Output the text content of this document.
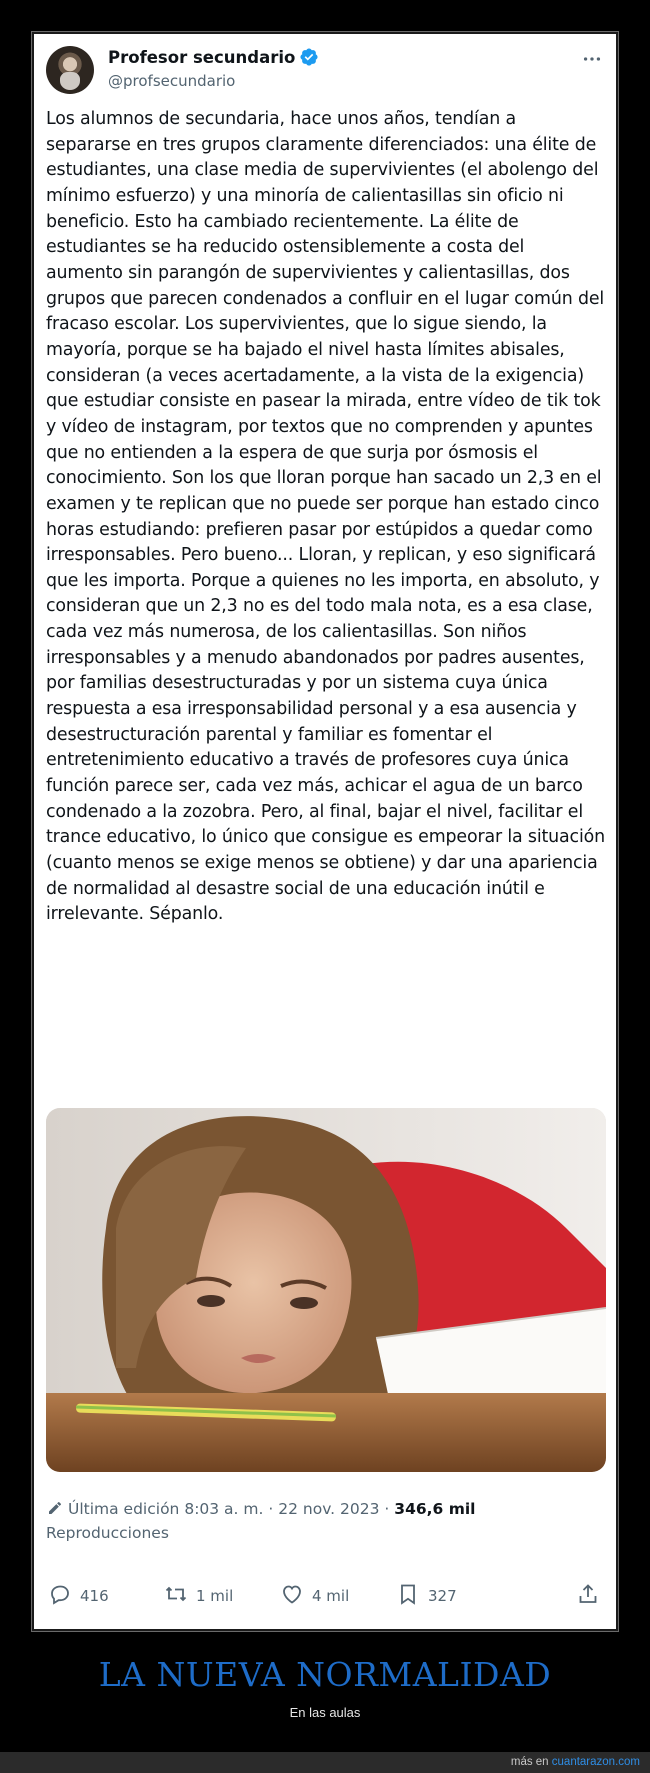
Profesor secundario
@profsecundario
Los alumnos de secundaria, hace unos años, tendían a separarse en tres grupos claramente diferenciados: una élite de estudiantes, una clase media de supervivientes (el abolengo del mínimo esfuerzo) y una minoría de calientasillas sin oficio ni beneficio. Esto ha cambiado recientemente. La élite de estudiantes se ha reducido ostensiblemente a costa del aumento sin parangón de supervivientes y calientasillas, dos grupos que parecen condenados a confluir en el lugar común del fracaso escolar. Los supervivientes, que lo sigue siendo, la mayoría, porque se ha bajado el nivel hasta límites abisales, consideran (a veces acertadamente, a la vista de la exigencia) que estudiar consiste en pasear la mirada, entre vídeo de tik tok y vídeo de instagram, por textos que no comprenden y apuntes que no entienden a la espera de que surja por ósmosis el conocimiento. Son los que lloran porque han sacado un 2,3 en el examen y te replican que no puede ser porque han estado cinco horas estudiando: prefieren pasar por estúpidos a quedar como irresponsables. Pero bueno... Lloran, y replican, y eso significará que les importa. Porque a quienes no les importa, en absoluto, y consideran que un 2,3 no es del todo mala nota, es a esa clase, cada vez más numerosa, de los calientasillas. Son niños irresponsables y a menudo abandonados por padres ausentes, por familias desestructuradas y por un sistema cuya única respuesta a esa irresponsabilidad personal y a esa ausencia y desestructuración parental y familiar es fomentar el entretenimiento educativo a través de profesores cuya única función parece ser, cada vez más, achicar el agua de un barco condenado a la zozobra. Pero, al final, bajar el nivel, facilitar el trance educativo, lo único que consigue es empeorar la situación (cuanto menos se exige menos se obtiene) y dar una apariencia de normalidad al desastre social de una educación inútil e irrelevante. Sépanlo.
Última edición 8:03 a. m. · 22 nov. 2023 · 346,6 mil
Reproducciones
416	1 mil	4 mil	327
LA NUEVA NORMALIDAD
En las aulas
más en cuantarazon.com
